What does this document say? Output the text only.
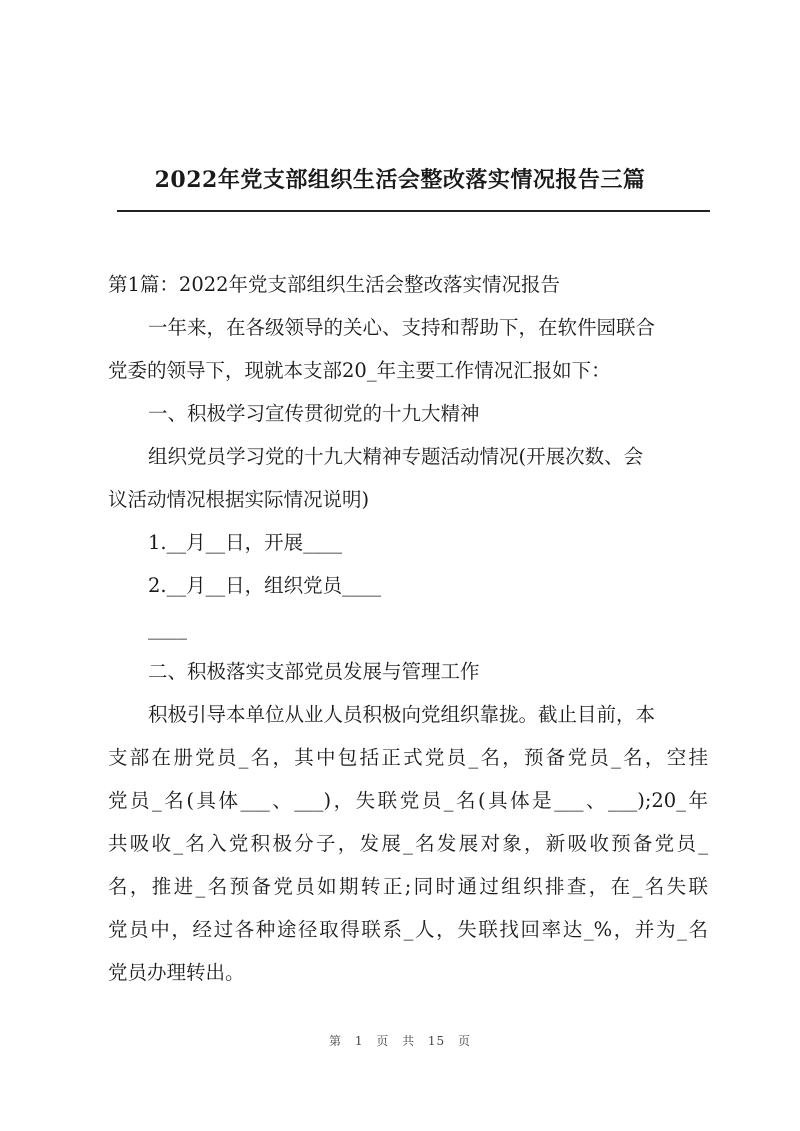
2022年党支部组织生活会整改落实情况报告三篇

第1篇：2022年党支部组织生活会整改落实情况报告

一年来，在各级领导的关心、支持和帮助下，在软件园联合

党委的领导下，现就本支部20_年主要工作情况汇报如下：

一、积极学习宣传贯彻党的十九大精神

组织党员学习党的十九大精神专题活动情况(开展次数、会

议活动情况根据实际情况说明)

1.__月__日，开展____

2.__月__日，组织党员____

____

二、积极落实支部党员发展与管理工作

积极引导本单位从业人员积极向党组织靠拢。截止目前，本

支部在册党员_名，其中包括正式党员_名，预备党员_名，空挂

党员_名(具体___、___)，失联党员_名(具体是___、___);20_年

共吸收_名入党积极分子，发展_名发展对象，新吸收预备党员_

名，推进_名预备党员如期转正;同时通过组织排查，在_名失联

党员中，经过各种途径取得联系_人，失联找回率达_%，并为_名

党员办理转出。

第 1 页 共 15 页
